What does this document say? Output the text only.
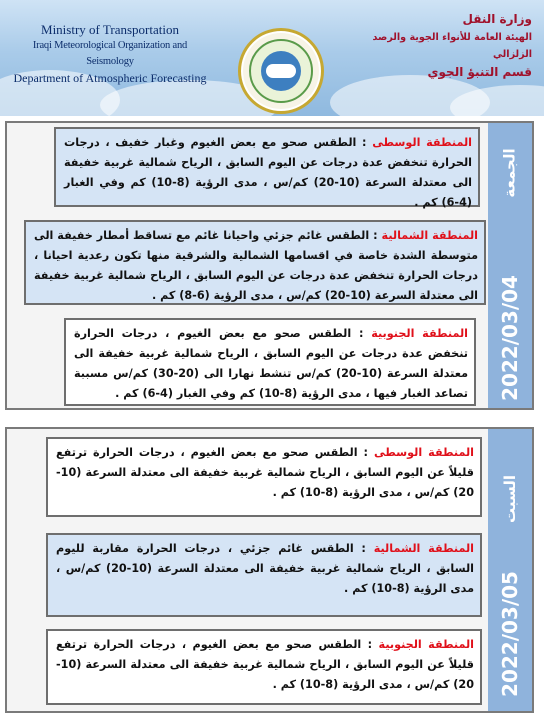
Ministry of Transportation
Iraqi Meteorological Organization and Seismology
Department of Atmospheric Forecasting
وزارة النقل
الهيئة العامة للأنواء الجوية والرصد الزلزالي
قسم التنبؤ الجوي
الجمعة
2022/03/04
المنطقة الوسطى : الطقس صحو مع بعض الغيوم وغبار خفيف ، درجات الحرارة تنخفض عدة درجات عن اليوم السابق ، الرياح شمالية غربية خفيفة الى معتدلة السرعة (10-20) كم/س ، مدى الرؤية (8-10) كم وفي الغبار (4-6) كم .
المنطقة الشمالية : الطقس غائم جزئي واحيانا غائم مع تساقط أمطار خفيفة الى متوسطة الشدة خاصة في اقسامها الشمالية والشرقية منها تكون رعدية احيانا ، درجات الحرارة تنخفض عدة درجات عن اليوم السابق ، الرياح شمالية غربية خفيفة الى معتدلة السرعة (10-20) كم/س ، مدى الرؤية (6-8) كم .
المنطقة الجنوبية : الطقس صحو مع بعض الغيوم ، درجات الحرارة تنخفض عدة درجات عن اليوم السابق ، الرياح شمالية غربية خفيفة الى معتدلة السرعة (10-20) كم/س تنشط نهارا الى (20-30) كم/س مسببة تصاعد الغبار فيها ، مدى الرؤية (8-10) كم وفي الغبار (4-6) كم .
السبت
2022/03/05
المنطقة الوسطى : الطقس صحو مع بعض الغيوم ، درجات الحرارة ترتفع قليلاً عن اليوم السابق ، الرياح شمالية غربية خفيفة الى معتدلة السرعة (10-20) كم/س ، مدى الرؤية (8-10) كم .
المنطقة الشمالية : الطقس غائم جزئي ، درجات الحرارة مقاربة لليوم السابق ، الرياح شمالية غربية خفيفة الى معتدلة السرعة (10-20) كم/س ، مدى الرؤية (8-10) كم .
المنطقة الجنوبية : الطقس صحو مع بعض الغيوم ، درجات الحرارة ترتفع قليلاً عن اليوم السابق ، الرياح شمالية غربية خفيفة الى معتدلة السرعة (10-20) كم/س ، مدى الرؤية (8-10) كم .
